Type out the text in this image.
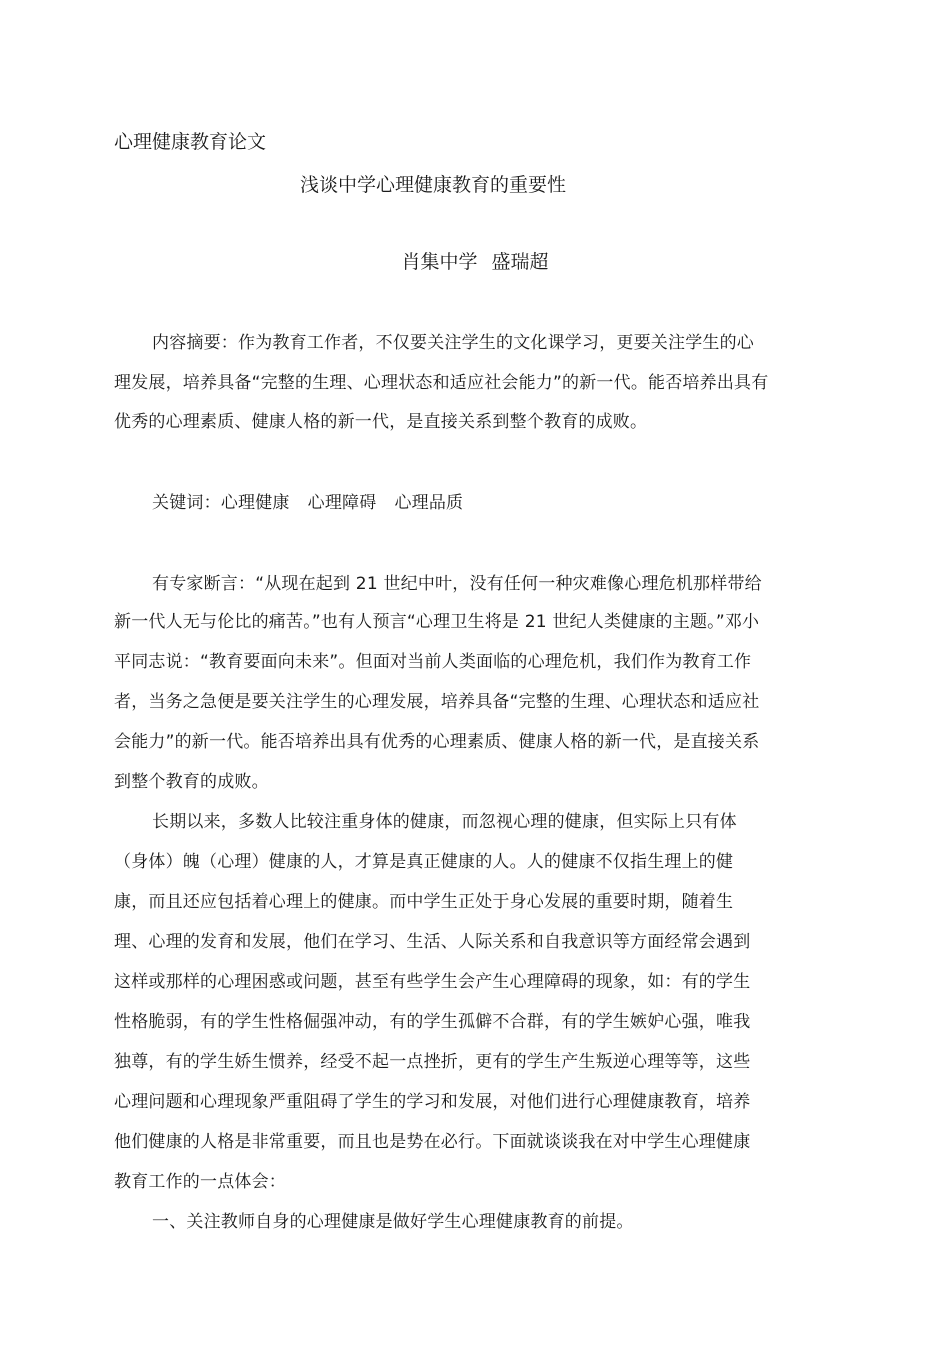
心理健康教育论文
浅谈中学心理健康教育的重要性
肖集中学 盛瑞超
内容摘要：作为教育工作者，不仅要关注学生的文化课学习，更要关注学生的心
理发展，培养具备“完整的生理、心理状态和适应社会能力”的新一代。能否培养出具有
优秀的心理素质、健康人格的新一代，是直接关系到整个教育的成败。
关键词：心理健康 心理障碍 心理品质
有专家断言：“从现在起到 21 世纪中叶，没有任何一种灾难像心理危机那样带给
新一代人无与伦比的痛苦。”也有人预言“心理卫生将是 21 世纪人类健康的主题。”邓小
平同志说：“教育要面向未来”。但面对当前人类面临的心理危机，我们作为教育工作
者，当务之急便是要关注学生的心理发展，培养具备“完整的生理、心理状态和适应社
会能力”的新一代。能否培养出具有优秀的心理素质、健康人格的新一代，是直接关系
到整个教育的成败。
长期以来，多数人比较注重身体的健康，而忽视心理的健康，但实际上只有体
（身体）魄（心理）健康的人，才算是真正健康的人。人的健康不仅指生理上的健
康，而且还应包括着心理上的健康。而中学生正处于身心发展的重要时期，随着生
理、心理的发育和发展，他们在学习、生活、人际关系和自我意识等方面经常会遇到
这样或那样的心理困惑或问题，甚至有些学生会产生心理障碍的现象，如：有的学生
性格脆弱，有的学生性格倔强冲动，有的学生孤僻不合群，有的学生嫉妒心强，唯我
独尊，有的学生娇生惯养，经受不起一点挫折，更有的学生产生叛逆心理等等，这些
心理问题和心理现象严重阻碍了学生的学习和发展，对他们进行心理健康教育，培养
他们健康的人格是非常重要，而且也是势在必行。下面就谈谈我在对中学生心理健康
教育工作的一点体会：
一、关注教师自身的心理健康是做好学生心理健康教育的前提。
